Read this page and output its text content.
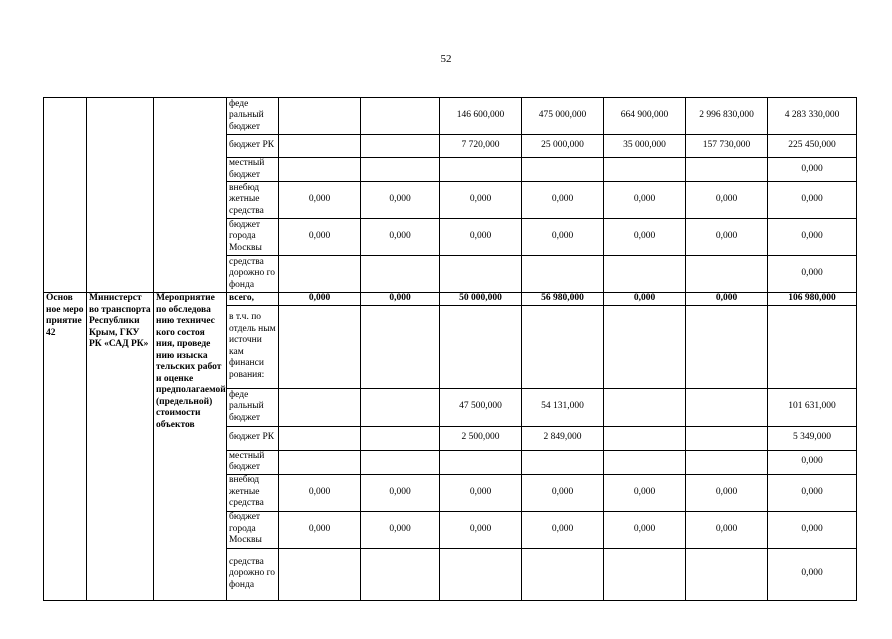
52
			феде ральный бюджет			146 600,000	475 000,000	664 900,000	2 996 830,000	4 283 330,000
			бюджет РК			7 720,000	25 000,000	35 000,000	157 730,000	225 450,000
			местный бюджет							0,000
			внебюд жетные средства	0,000	0,000	0,000	0,000	0,000	0,000	0,000
			бюджет города Москвы	0,000	0,000	0,000	0,000	0,000	0,000	0,000
			средства дорожно го фонда							0,000
Основ ное меро приятие 42	Министерст во транспорта Республики Крым, ГКУ РК «САД РК»	Мероприятие по обследова нию техничес кого состоя ния, проведе нию изыска тельских работ и оценке предполагаемой (предельной) стоимости объектов	всего,	0,000	0,000	50 000,000	56 980,000	0,000	0,000	106 980,000
			в т.ч. по отдель ным источни кам финанси рования:							
			феде ральный бюджет			47 500,000	54 131,000			101 631,000
			бюджет РК			2 500,000	2 849,000			5 349,000
			местный бюджет							0,000
			внебюд жетные средства	0,000	0,000	0,000	0,000	0,000	0,000	0,000
			бюджет города Москвы	0,000	0,000	0,000	0,000	0,000	0,000	0,000
			средства дорожно го фонда							0,000
